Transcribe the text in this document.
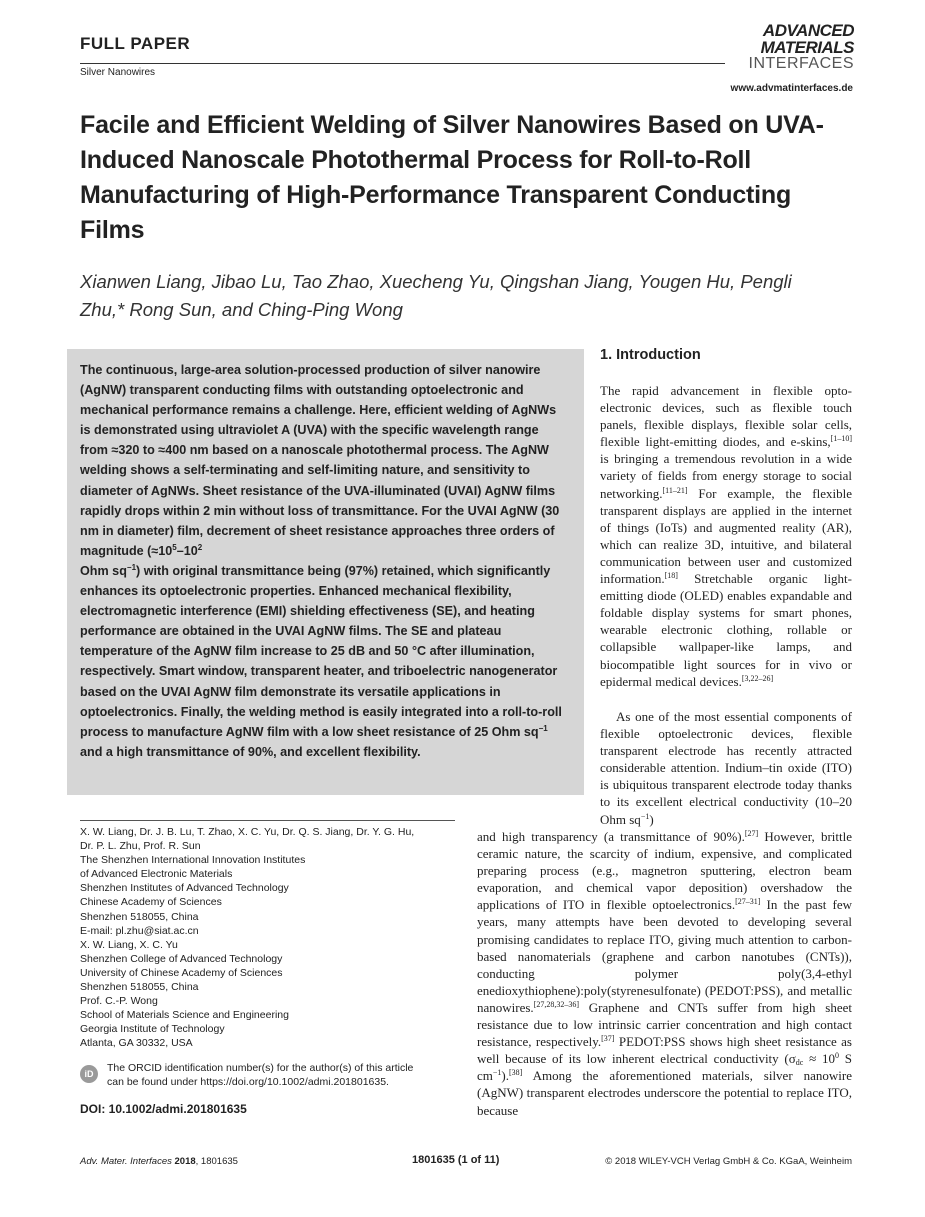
FULL PAPER
Silver Nanowires
ADVANCED
MATERIALS
INTERFACES
www.advmatinterfaces.de
Facile and Efficient Welding of Silver Nanowires Based on UVA-Induced Nanoscale Photothermal Process for Roll-to-Roll Manufacturing of High-Performance Transparent Conducting Films
Xianwen Liang, Jibao Lu, Tao Zhao, Xuecheng Yu, Qingshan Jiang, Yougen Hu, Pengli Zhu,* Rong Sun, and Ching-Ping Wong
The continuous, large-area solution-processed production of silver nanowire (AgNW) transparent conducting films with outstanding optoelectronic and mechanical performance remains a challenge. Here, efficient welding of AgNWs is demonstrated using ultraviolet A (UVA) with the specific wavelength range from ≈320 to ≈400 nm based on a nanoscale photothermal process. The AgNW welding shows a self-terminating and self-limiting nature, and sensitivity to diameter of AgNWs. Sheet resistance of the UVA-illuminated (UVAI) AgNW films rapidly drops within 2 min without loss of transmittance. For the UVAI AgNW (30 nm in diameter) film, decrement of sheet resistance approaches three orders of magnitude ($\approx 10^5-10^2$
Ohm $sq^{-1}$) with original transmittance being (97%) retained, which significantly enhances its optoelectronic properties. Enhanced mechanical flexibility, electromagnetic interference (EMI) shielding effectiveness (SE), and heating performance are obtained in the UVAI AgNW films. The SE and plateau temperature of the AgNW film increase to 25 dB and 50 °C after illumination, respectively. Smart window, transparent heater, and triboelectric nanogenerator based on the UVAI AgNW film demonstrate its versatile applications in optoelectronics. Finally, the welding method is easily integrated into a roll-to-roll process to manufacture AgNW film with a low sheet resistance of 25 Ohm $sq^{-1}$ and a high transmittance of 90%, and excellent flexibility.
1. Introduction
The rapid advancement in flexible optoelectronic devices, such as flexible touch panels, flexible displays, flexible solar cells, flexible light-emitting diodes, and e-skins,[1–10] is bringing a tremendous revolution in a wide variety of fields from energy storage to social networking.[11–21] For example, the flexible transparent displays are applied in the internet of things (IoTs) and augmented reality (AR), which can realize 3D, intuitive, and bilateral communication between user and customized information.[18] Stretchable organic light-emitting diode (OLED) enables expandable and foldable display systems for smart phones, wearable electronic clothing, rollable or collapsible wallpaper-like lamps, and biocompatible light sources for in vivo or epidermal medical devices.[3,22–26]
As one of the most essential components of flexible optoelectronic devices, flexible transparent electrode has recently attracted considerable attention. Indium–tin oxide (ITO) is ubiquitous transparent electrode today thanks to its excellent electrical conductivity (10–20 Ohm $sq^{-1}$)
and high transparency (a transmittance of 90%).[27] However, brittle ceramic nature, the scarcity of indium, expensive, and complicated preparing process (e.g., magnetron sputtering, electron beam evaporation, and chemical vapor deposition) overshadow the applications of ITO in flexible optoelectronics.[27–31] In the past few years, many attempts have been devoted to developing several promising candidates to replace ITO, giving much attention to carbon-based nanomaterials (graphene and carbon nanotubes (CNTs)), conducting polymer poly(3,4-ethyl enedioxythiophene):poly(styrenesulfonate) (PEDOT:PSS), and metallic nanowires.[27,28,32–36] Graphene and CNTs suffer from high sheet resistance due to low intrinsic carrier concentration and high contact resistance, respectively.[37] PEDOT:PSS shows high sheet resistance as well because of its low inherent electrical conductivity ($\sigma_{dc} \approx 10^0$ S $cm^{-1}).[38]$ Among the aforementioned materials, silver nanowire (AgNW) transparent electrodes underscore the potential to replace ITO, because
X. W. Liang, Dr. J. B. Lu, T. Zhao, X. C. Yu, Dr. Q. S. Jiang, Dr. Y. G. Hu,
Dr. P. L. Zhu, Prof. R. Sun
The Shenzhen International Innovation Institutes
of Advanced Electronic Materials
Shenzhen Institutes of Advanced Technology
Chinese Academy of Sciences
Shenzhen 518055, China
E-mail: pl.zhu@siat.ac.cn
X. W. Liang, X. C. Yu
Shenzhen College of Advanced Technology
University of Chinese Academy of Sciences
Shenzhen 518055, China
Prof. C.-P. Wong
School of Materials Science and Engineering
Georgia Institute of Technology
Atlanta, GA 30332, USA
iD	The ORCID identification number(s) for the author(s) of this article
can be found under https://doi.org/10.1002/admi.201801635.
DOI: 10.1002/admi.201801635
Adv. Mater. Interfaces 2018, 1801635	1801635 (1 of 11)	© 2018 WILEY-VCH Verlag GmbH & Co. KGaA, Weinheim
